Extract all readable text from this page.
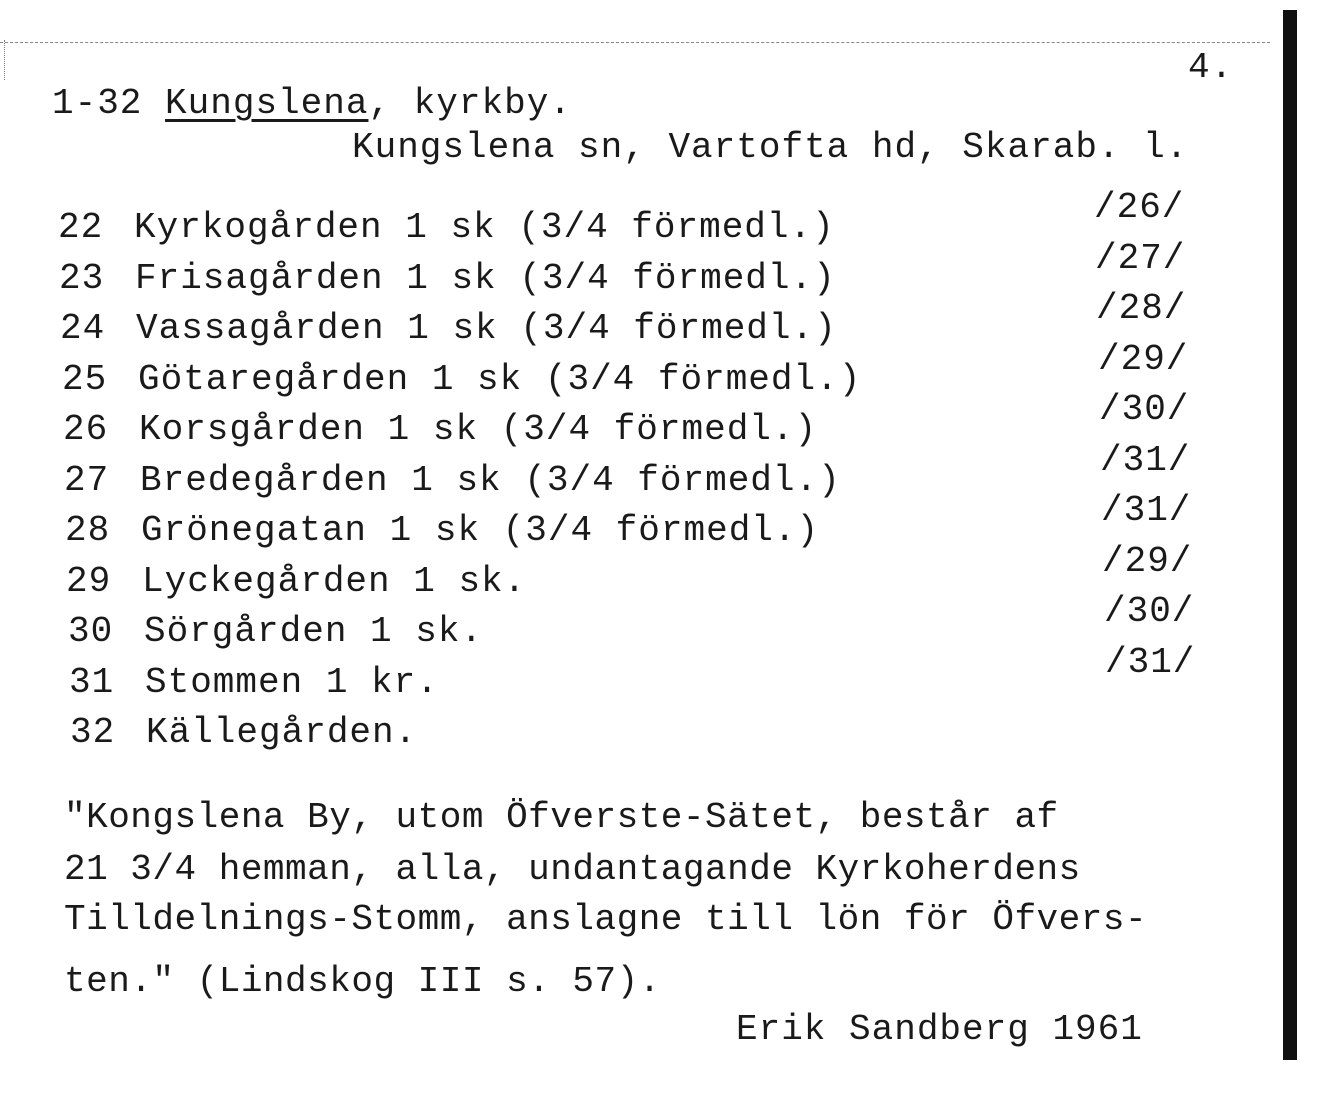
4.
1-32 Kungslena, kyrkby.
Kungslena sn, Vartofta hd, Skarab. l.
22 Kyrkogården 1 sk (3/4 förmedl.)	/26/
23 Frisagården 1 sk (3/4 förmedl.)	/27/
24 Vassagården 1 sk (3/4 förmedl.)	/28/
25 Götaregården 1 sk (3/4 förmedl.)	/29/
26 Korsgården 1 sk (3/4 förmedl.)	/30/
27 Bredegården 1 sk (3/4 förmedl.)	/31/
28 Grönegatan 1 sk (3/4 förmedl.)	/31/
29 Lyckegården 1 sk.	/29/
30 Sörgården 1 sk.	/30/
31 Stommen 1 kr.	/31/
32 Källegården.
"Kongslena By, utom Öfverste-Sätet, består af
21 3/4 hemman, alla, undantagande Kyrkoherdens
Tilldelnings-Stomm, anslagne till lön för Öfvers-
ten." (Lindskog III s. 57).
Erik Sandberg 1961
